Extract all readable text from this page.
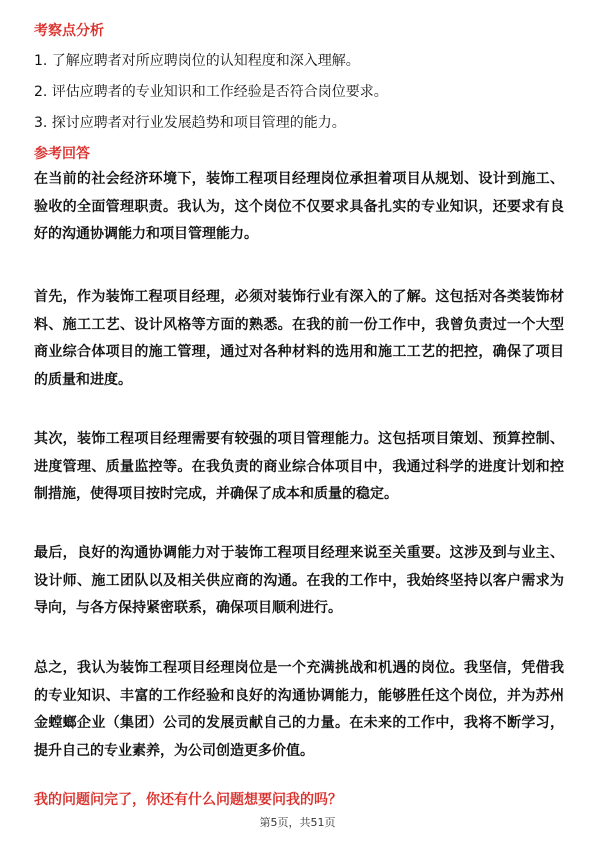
考察点分析
1. 了解应聘者对所应聘岗位的认知程度和深入理解。
2. 评估应聘者的专业知识和工作经验是否符合岗位要求。
3. 探讨应聘者对行业发展趋势和项目管理的能力。
参考回答

在当前的社会经济环境下，装饰工程项目经理岗位承担着项目从规划、设计到施工、验收的全面管理职责。我认为，这个岗位不仅要求具备扎实的专业知识，还要求有良好的沟通协调能力和项目管理能力。

首先，作为装饰工程项目经理，必须对装饰行业有深入的了解。这包括对各类装饰材料、施工工艺、设计风格等方面的熟悉。在我的前一份工作中，我曾负责过一个大型商业综合体项目的施工管理，通过对各种材料的选用和施工工艺的把控，确保了项目的质量和进度。

其次，装饰工程项目经理需要有较强的项目管理能力。这包括项目策划、预算控制、进度管理、质量监控等。在我负责的商业综合体项目中，我通过科学的进度计划和控制措施，使得项目按时完成，并确保了成本和质量的稳定。

最后，良好的沟通协调能力对于装饰工程项目经理来说至关重要。这涉及到与业主、设计师、施工团队以及相关供应商的沟通。在我的工作中，我始终坚持以客户需求为导向，与各方保持紧密联系，确保项目顺利进行。

总之，我认为装饰工程项目经理岗位是一个充满挑战和机遇的岗位。我坚信，凭借我的专业知识、丰富的工作经验和良好的沟通协调能力，能够胜任这个岗位，并为苏州金螳螂企业（集团）公司的发展贡献自己的力量。在未来的工作中，我将不断学习，提升自己的专业素养，为公司创造更多价值。

我的问题问完了，你还有什么问题想要问我的吗？

第5页，共51页
